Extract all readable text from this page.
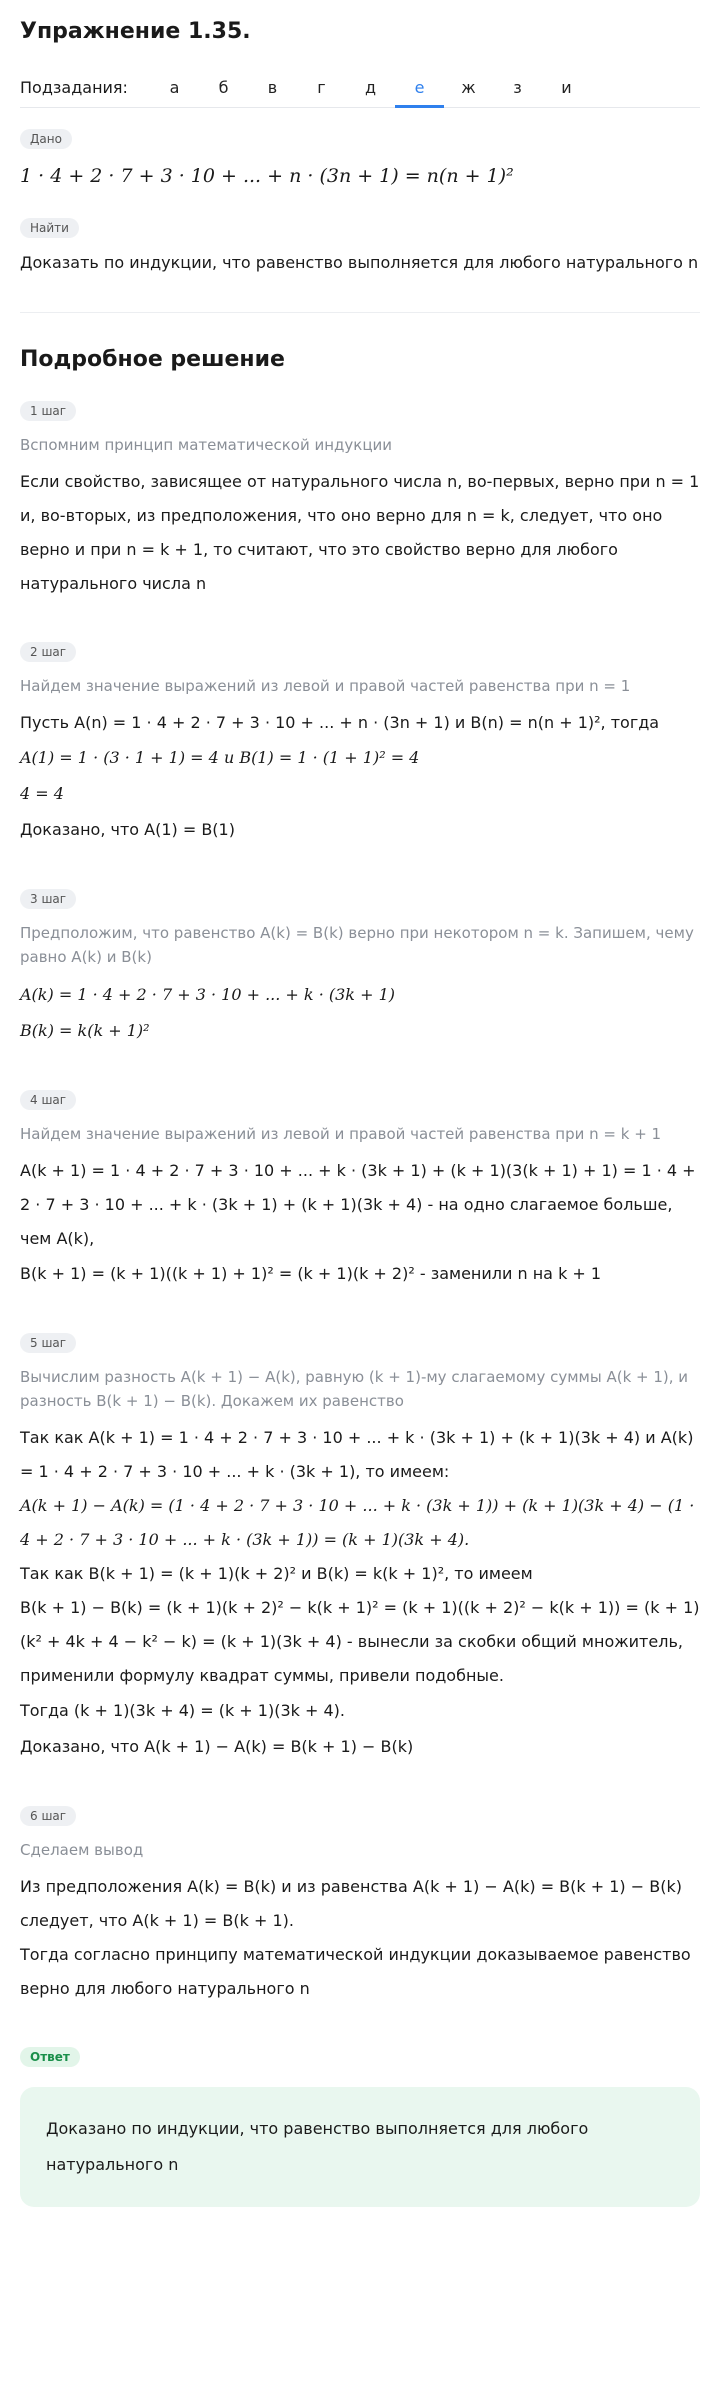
Упражнение 1.35.
Подзадания:	а	б	в	г	д	е	ж	з	и
Дано
1 · 4 + 2 · 7 + 3 · 10 + ... + n · (3n + 1) = n(n + 1)²
Найти

Доказать по индукции, что равенство выполняется для любого натурального n

Подробное решение
1 шаг

Вспомним принцип математической индукции

Если свойство, зависящее от натурального числа n, во-первых, верно при n = 1 и, во-вторых, из предположения, что оно верно для n = k, следует, что оно верно и при n = k + 1, то считают, что это свойство верно для любого натурального числа n

2 шаг

Найдем значение выражений из левой и правой частей равенства при n = 1

Пусть A(n) = 1 · 4 + 2 · 7 + 3 · 10 + ... + n · (3n + 1) и B(n) = n(n + 1)², тогда

A(1) = 1 · (3 · 1 + 1) = 4 и B(1) = 1 · (1 + 1)² = 4

4 = 4

Доказано, что A(1) = B(1)

3 шаг

Предположим, что равенство A(k) = B(k) верно при некотором n = k. Запишем, чему равно A(k) и B(k)

A(k) = 1 · 4 + 2 · 7 + 3 · 10 + ... + k · (3k + 1)

B(k) = k(k + 1)²

4 шаг

Найдем значение выражений из левой и правой частей равенства при n = k + 1

A(k + 1) = 1 · 4 + 2 · 7 + 3 · 10 + ... + k · (3k + 1) + (k + 1)(3(k + 1) + 1) = 1 · 4 + 2 · 7 + 3 · 10 + ... + k · (3k + 1) + (k + 1)(3k + 4) - на одно слагаемое больше, чем A(k),

B(k + 1) = (k + 1)((k + 1) + 1)² = (k + 1)(k + 2)² - заменили n на k + 1

5 шаг

Вычислим разность A(k + 1) − A(k), равную (k + 1)-му слагаемому суммы A(k + 1), и разность B(k + 1) − B(k). Докажем их равенство

Так как A(k + 1) = 1 · 4 + 2 · 7 + 3 · 10 + ... + k · (3k + 1) + (k + 1)(3k + 4) и A(k) = 1 · 4 + 2 · 7 + 3 · 10 + ... + k · (3k + 1), то имеем:

A(k + 1) − A(k) = (1 · 4 + 2 · 7 + 3 · 10 + ... + k · (3k + 1)) + (k + 1)(3k + 4) − (1 · 4 + 2 · 7 + 3 · 10 + ... + k · (3k + 1)) = (k + 1)(3k + 4).

Так как B(k + 1) = (k + 1)(k + 2)² и B(k) = k(k + 1)², то имеем

B(k + 1) − B(k) = (k + 1)(k + 2)² − k(k + 1)² = (k + 1)((k + 2)² − k(k + 1)) = (k + 1)(k² + 4k + 4 − k² − k) = (k + 1)(3k + 4) - вынесли за скобки общий множитель, применили формулу квадрат суммы, привели подобные.

Тогда (k + 1)(3k + 4) = (k + 1)(3k + 4).

Доказано, что A(k + 1) − A(k) = B(k + 1) − B(k)

6 шаг

Сделаем вывод

Из предположения A(k) = B(k) и из равенства A(k + 1) − A(k) = B(k + 1) − B(k) следует, что A(k + 1) = B(k + 1).

Тогда согласно принципу математической индукции доказываемое равенство верно для любого натурального n

Ответ

Доказано по индукции, что равенство выполняется для любого натурального n
